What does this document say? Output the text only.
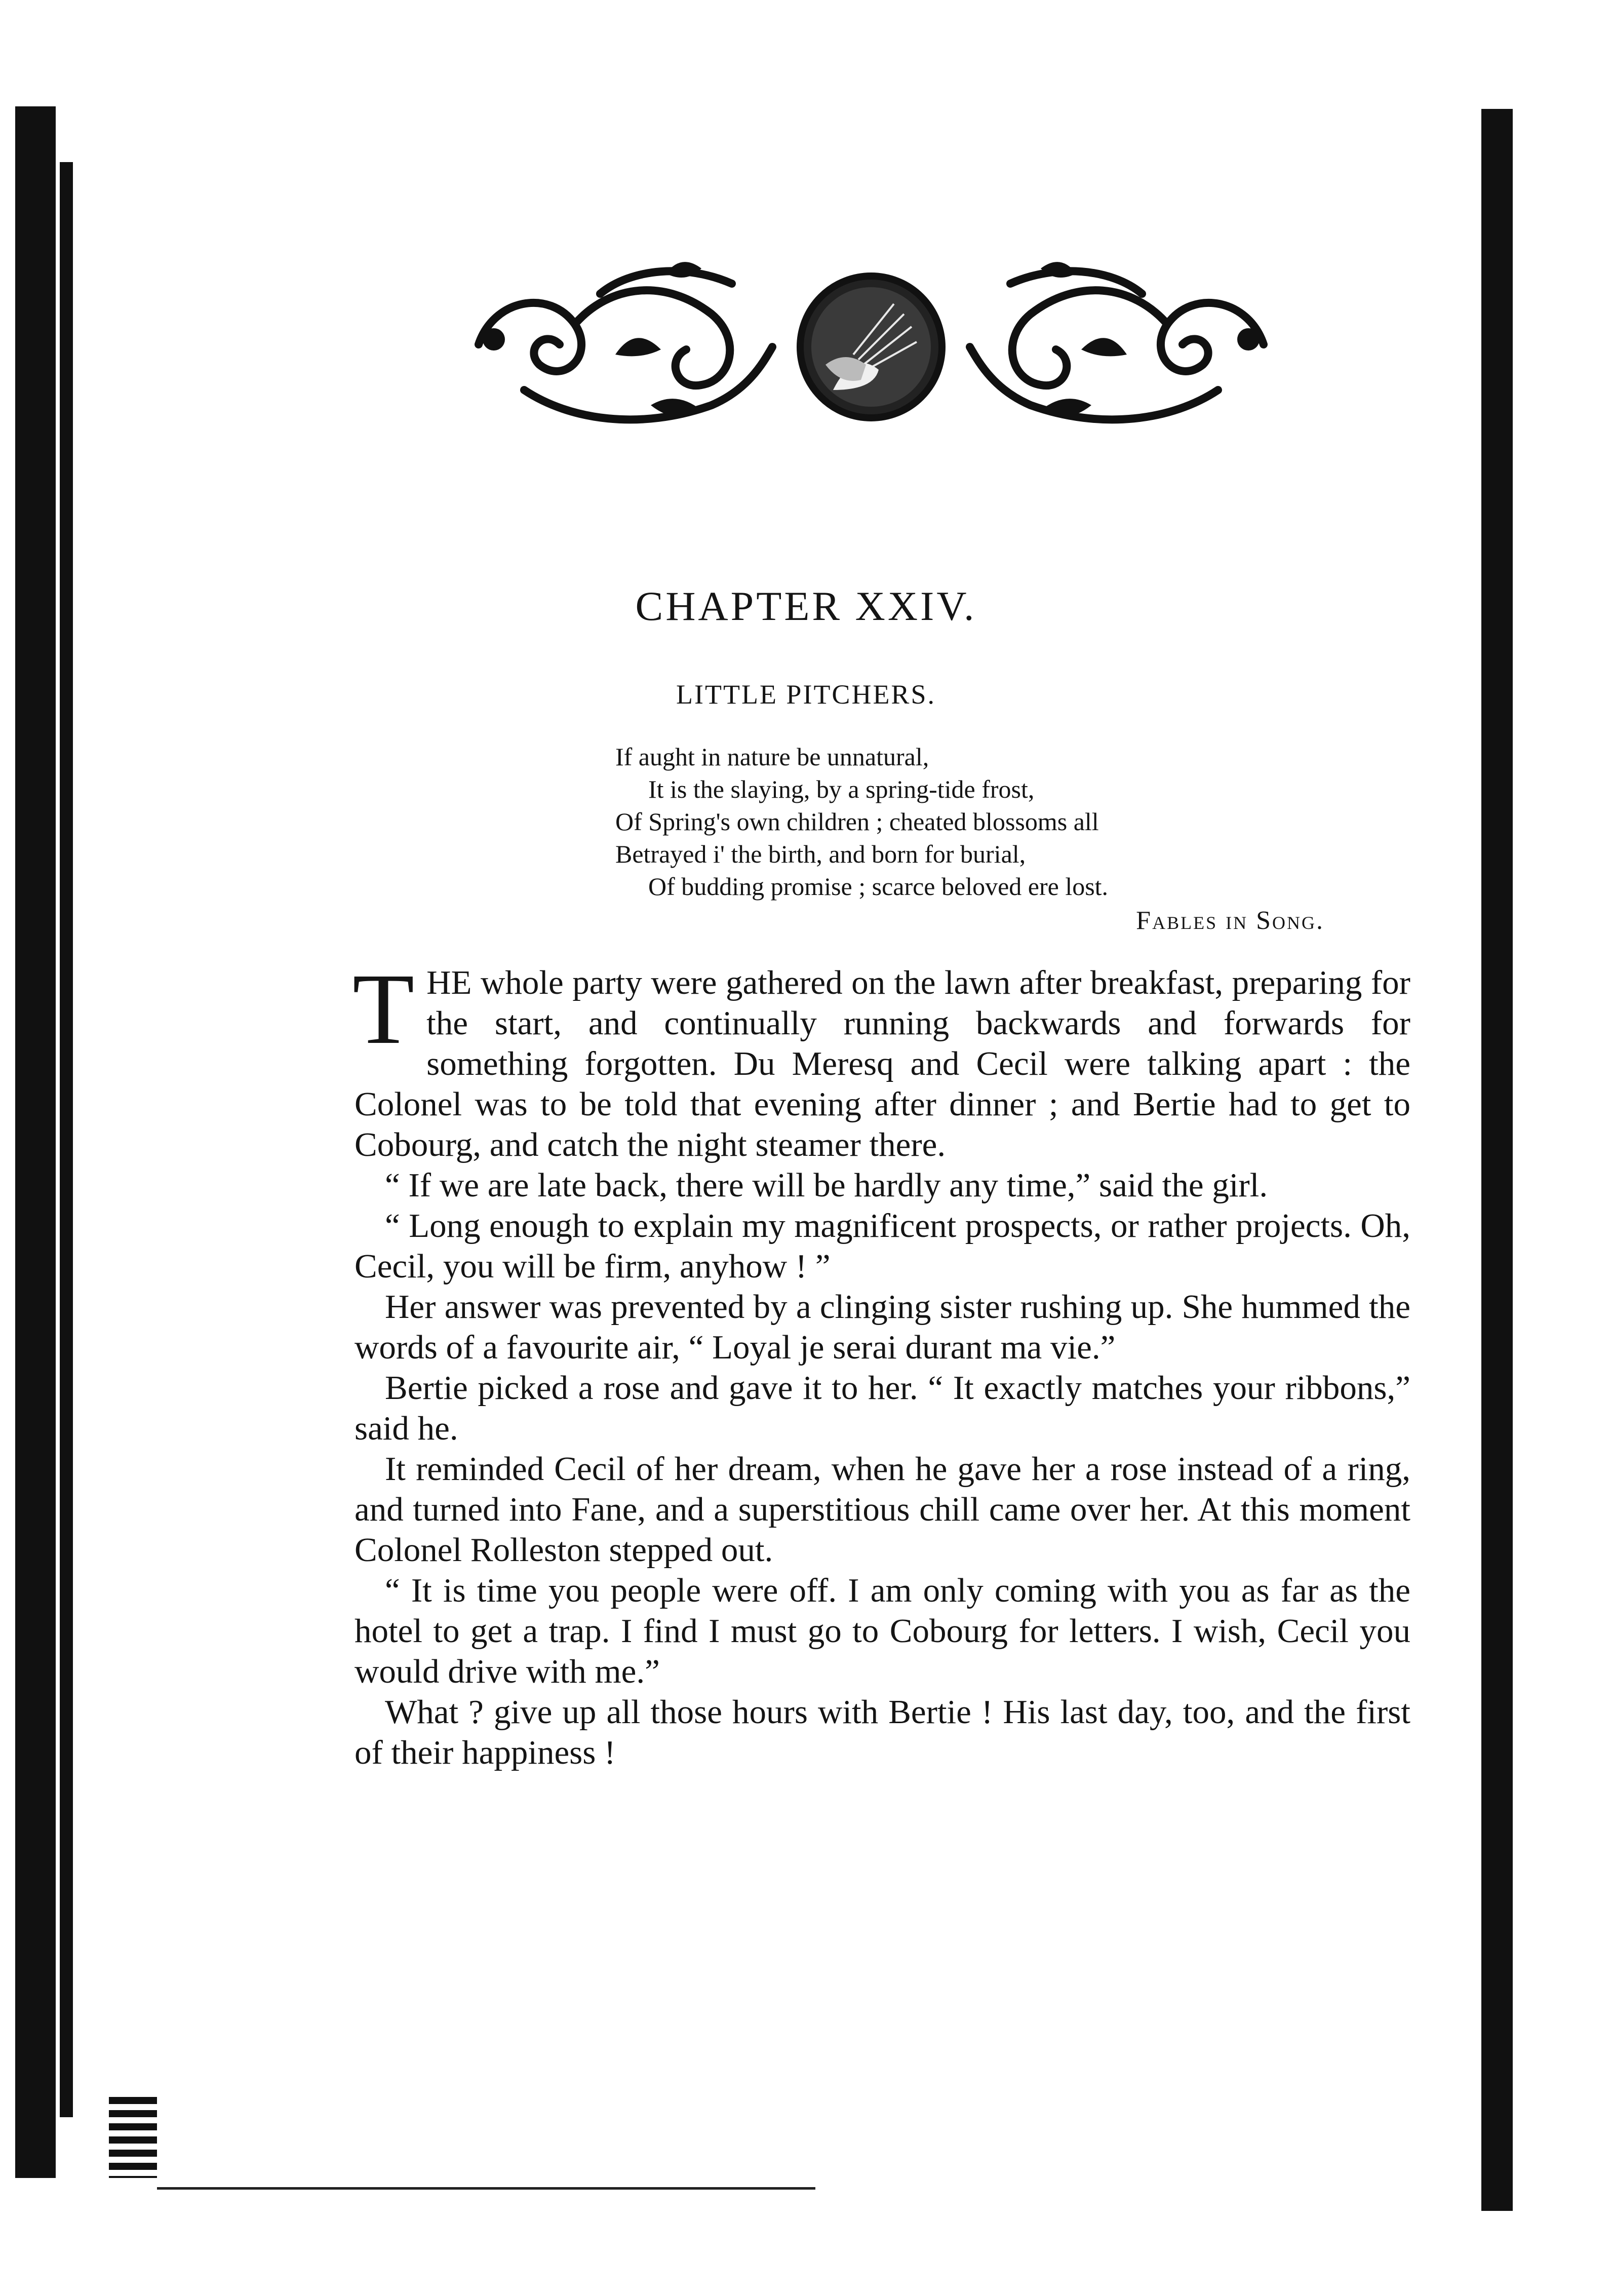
CHAPTER XXIV.
LITTLE PITCHERS.
If aught in nature be unnatural,
It is the slaying, by a spring-tide frost,
Of Spring's own children ; cheated blossoms all
Betrayed i' the birth, and born for burial,
Of budding promise ; scarce beloved ere lost.
Fables in Song.

THE whole party were gathered on the lawn after breakfast, preparing for the start, and continually running backwards and forwards for something forgotten. Du Meresq and Cecil were talking apart : the Colonel was to be told that evening after dinner ; and Bertie had to get to Cobourg, and catch the night steamer there.

“ If we are late back, there will be hardly any time,” said the girl.

“ Long enough to explain my magnificent prospects, or rather projects. Oh, Cecil, you will be firm, anyhow ! ”

Her answer was prevented by a clinging sister rushing up. She hummed the words of a favourite air, “ Loyal je serai durant ma vie.”

Bertie picked a rose and gave it to her. “ It exactly matches your ribbons,” said he.

It reminded Cecil of her dream, when he gave her a rose instead of a ring, and turned into Fane, and a superstitious chill came over her. At this moment Colonel Rolleston stepped out.

“ It is time you people were off. I am only coming with you as far as the hotel to get a trap. I find I must go to Cobourg for letters. I wish, Cecil you would drive with me.”

What ? give up all those hours with Bertie ! His last day, too, and the first of their happiness !
